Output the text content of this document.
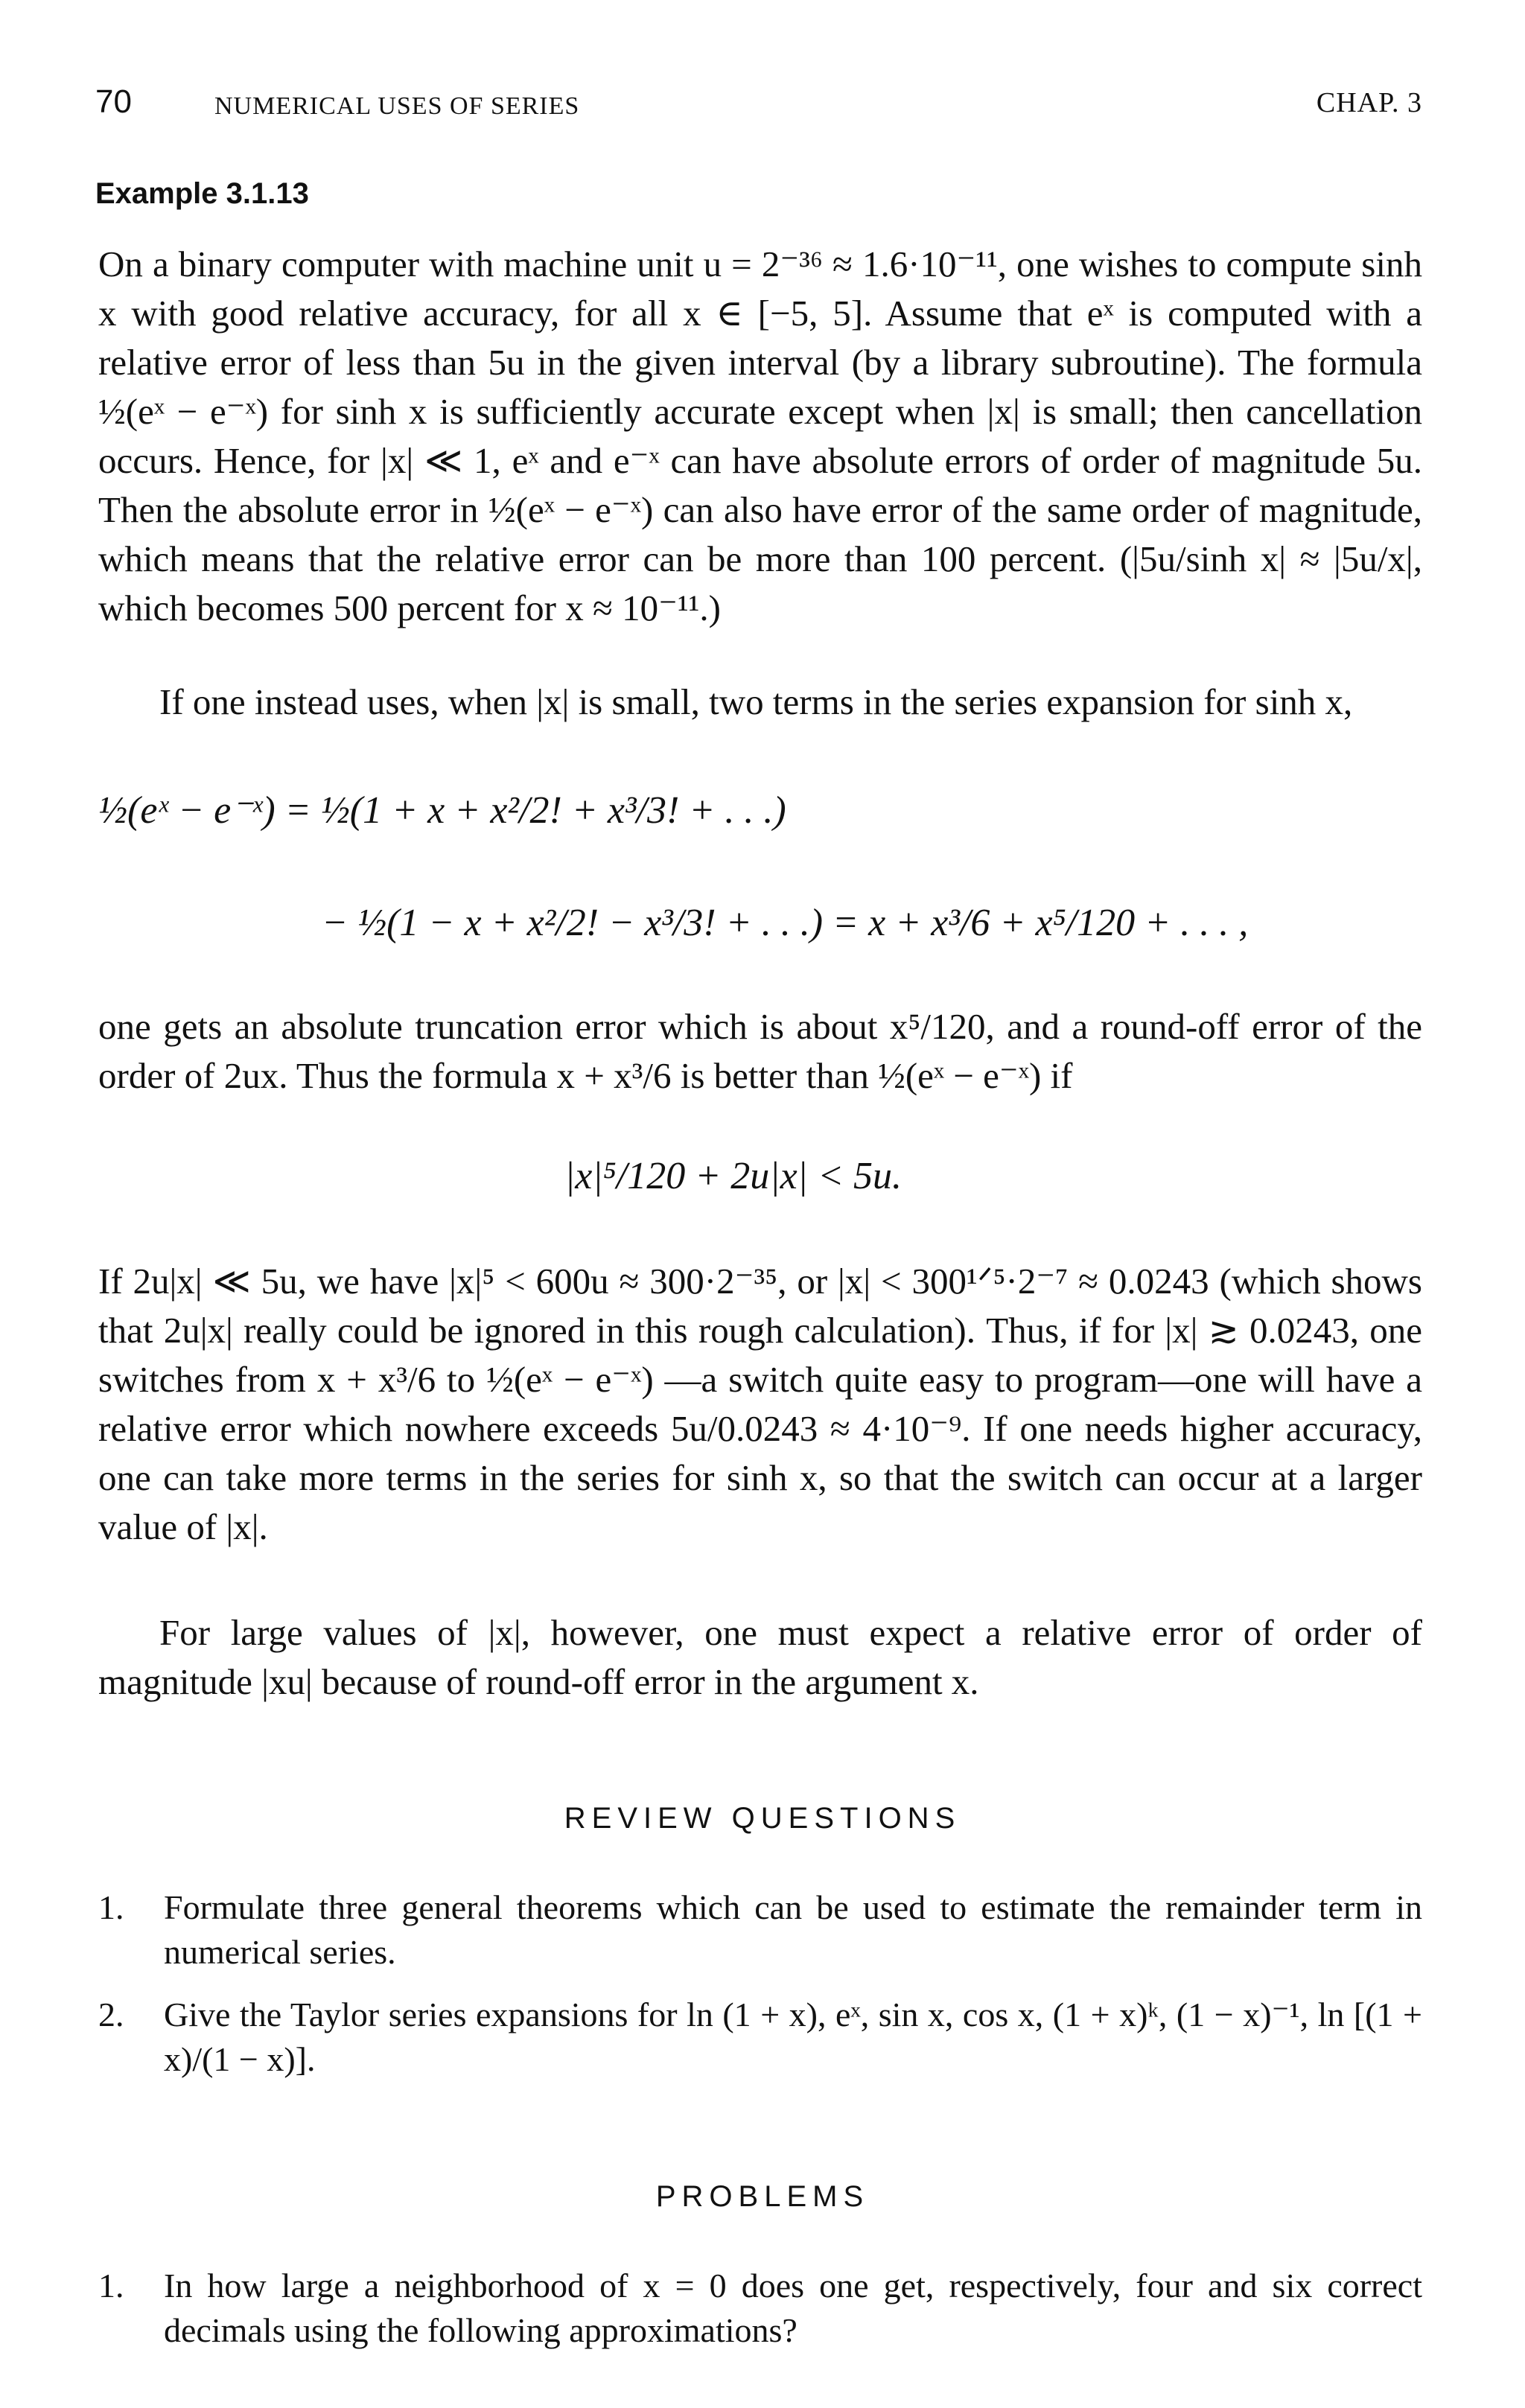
70	NUMERICAL USES OF SERIES	CHAP. 3
Example 3.1.13

On a binary computer with machine unit u = 2⁻³⁶ ≈ 1.6·10⁻¹¹, one wishes to compute sinh x with good relative accuracy, for all x ∈ [−5, 5]. Assume that eˣ is computed with a relative error of less than 5u in the given interval (by a library subroutine). The formula ½(eˣ − e⁻ˣ) for sinh x is sufficiently accurate except when |x| is small; then cancellation occurs. Hence, for |x| ≪ 1, eˣ and e⁻ˣ can have absolute errors of order of magnitude 5u. Then the absolute error in ½(eˣ − e⁻ˣ) can also have error of the same order of magnitude, which means that the relative error can be more than 100 percent. (|5u/sinh x| ≈ |5u/x|, which becomes 500 percent for x ≈ 10⁻¹¹.)

If one instead uses, when |x| is small, two terms in the series expansion for sinh x,

½(eˣ − e⁻ˣ) = ½(1 + x + x²/2! + x³/3! + . . .)
− ½(1 − x + x²/2! − x³/3! + . . .) = x + x³/6 + x⁵/120 + . . . ,

one gets an absolute truncation error which is about x⁵/120, and a round-off error of the order of 2ux. Thus the formula x + x³/6 is better than ½(eˣ − e⁻ˣ) if

|x|⁵/120 + 2u|x| < 5u.

If 2u|x| ≪ 5u, we have |x|⁵ < 600u ≈ 300·2⁻³⁵, or |x| < 300¹ᐟ⁵·2⁻⁷ ≈ 0.0243 (which shows that 2u|x| really could be ignored in this rough calculation). Thus, if for |x| ≳ 0.0243, one switches from x + x³/6 to ½(eˣ − e⁻ˣ) —a switch quite easy to program—one will have a relative error which nowhere exceeds 5u/0.0243 ≈ 4·10⁻⁹. If one needs higher accuracy, one can take more terms in the series for sinh x, so that the switch can occur at a larger value of |x|.

For large values of |x|, however, one must expect a relative error of order of magnitude |xu| because of round-off error in the argument x.

REVIEW QUESTIONS
1.	Formulate three general theorems which can be used to estimate the remainder term in numerical series.
2.	Give the Taylor series expansions for ln (1 + x), eˣ, sin x, cos x, (1 + x)ᵏ, (1 − x)⁻¹, ln [(1 + x)/(1 − x)].
PROBLEMS
1.	In how large a neighborhood of x = 0 does one get, respectively, four and six correct decimals using the following approximations?
